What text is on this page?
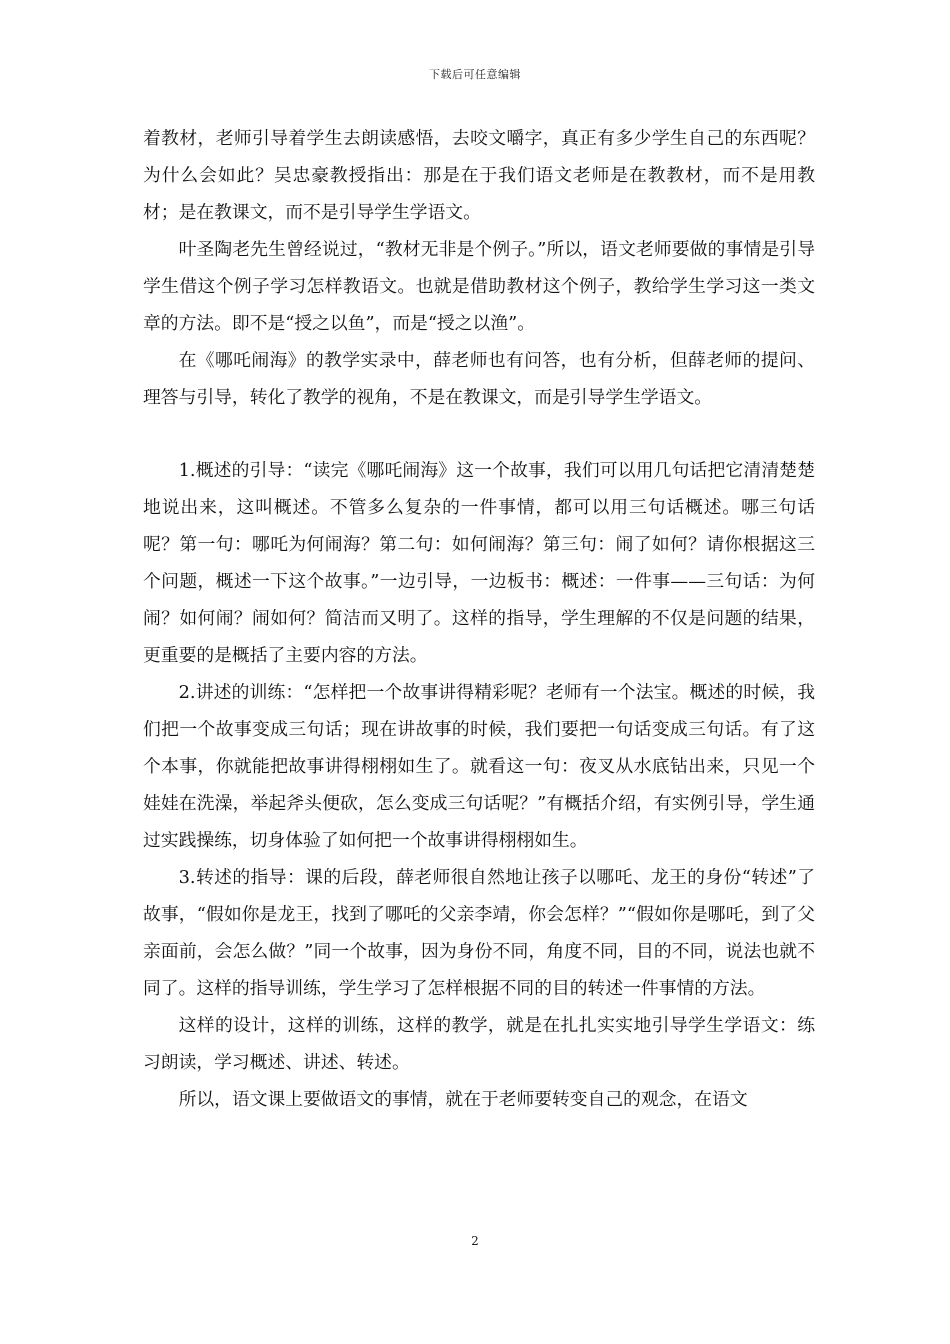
下载后可任意编辑

着教材，老师引导着学生去朗读感悟，去咬文嚼字，真正有多少学生自己的东西呢？为什么会如此？吴忠豪教授指出：那是在于我们语文老师是在教教材，而不是用教材；是在教课文，而不是引导学生学语文。

叶圣陶老先生曾经说过，“教材无非是个例子。”所以，语文老师要做的事情是引导学生借这个例子学习怎样教语文。也就是借助教材这个例子，教给学生学习这一类文章的方法。即不是“授之以鱼”，而是“授之以渔”。

在《哪吒闹海》的教学实录中，薛老师也有问答，也有分析，但薛老师的提问、理答与引导，转化了教学的视角，不是在教课文，而是引导学生学语文。

1.概述的引导：“读完《哪吒闹海》这一个故事，我们可以用几句话把它清清楚楚地说出来，这叫概述。不管多么复杂的一件事情，都可以用三句话概述。哪三句话呢？第一句：哪吒为何闹海？第二句：如何闹海？第三句：闹了如何？请你根据这三个问题，概述一下这个故事。”一边引导，一边板书：概述：一件事——三句话：为何闹？如何闹？闹如何？简洁而又明了。这样的指导，学生理解的不仅是问题的结果，更重要的是概括了主要内容的方法。

2.讲述的训练：“怎样把一个故事讲得精彩呢？老师有一个法宝。概述的时候，我们把一个故事变成三句话；现在讲故事的时候，我们要把一句话变成三句话。有了这个本事，你就能把故事讲得栩栩如生了。就看这一句：夜叉从水底钻出来，只见一个娃娃在洗澡，举起斧头便砍，怎么变成三句话呢？”有概括介绍，有实例引导，学生通过实践操练，切身体验了如何把一个故事讲得栩栩如生。

3.转述的指导：课的后段，薛老师很自然地让孩子以哪吒、龙王的身份“转述”了故事，“假如你是龙王，找到了哪吒的父亲李靖，你会怎样？”“假如你是哪吒，到了父亲面前，会怎么做？”同一个故事，因为身份不同，角度不同，目的不同，说法也就不同了。这样的指导训练，学生学习了怎样根据不同的目的转述一件事情的方法。

这样的设计，这样的训练，这样的教学，就是在扎扎实实地引导学生学语文：练习朗读，学习概述、讲述、转述。

所以，语文课上要做语文的事情，就在于老师要转变自己的观念，在语文

2
